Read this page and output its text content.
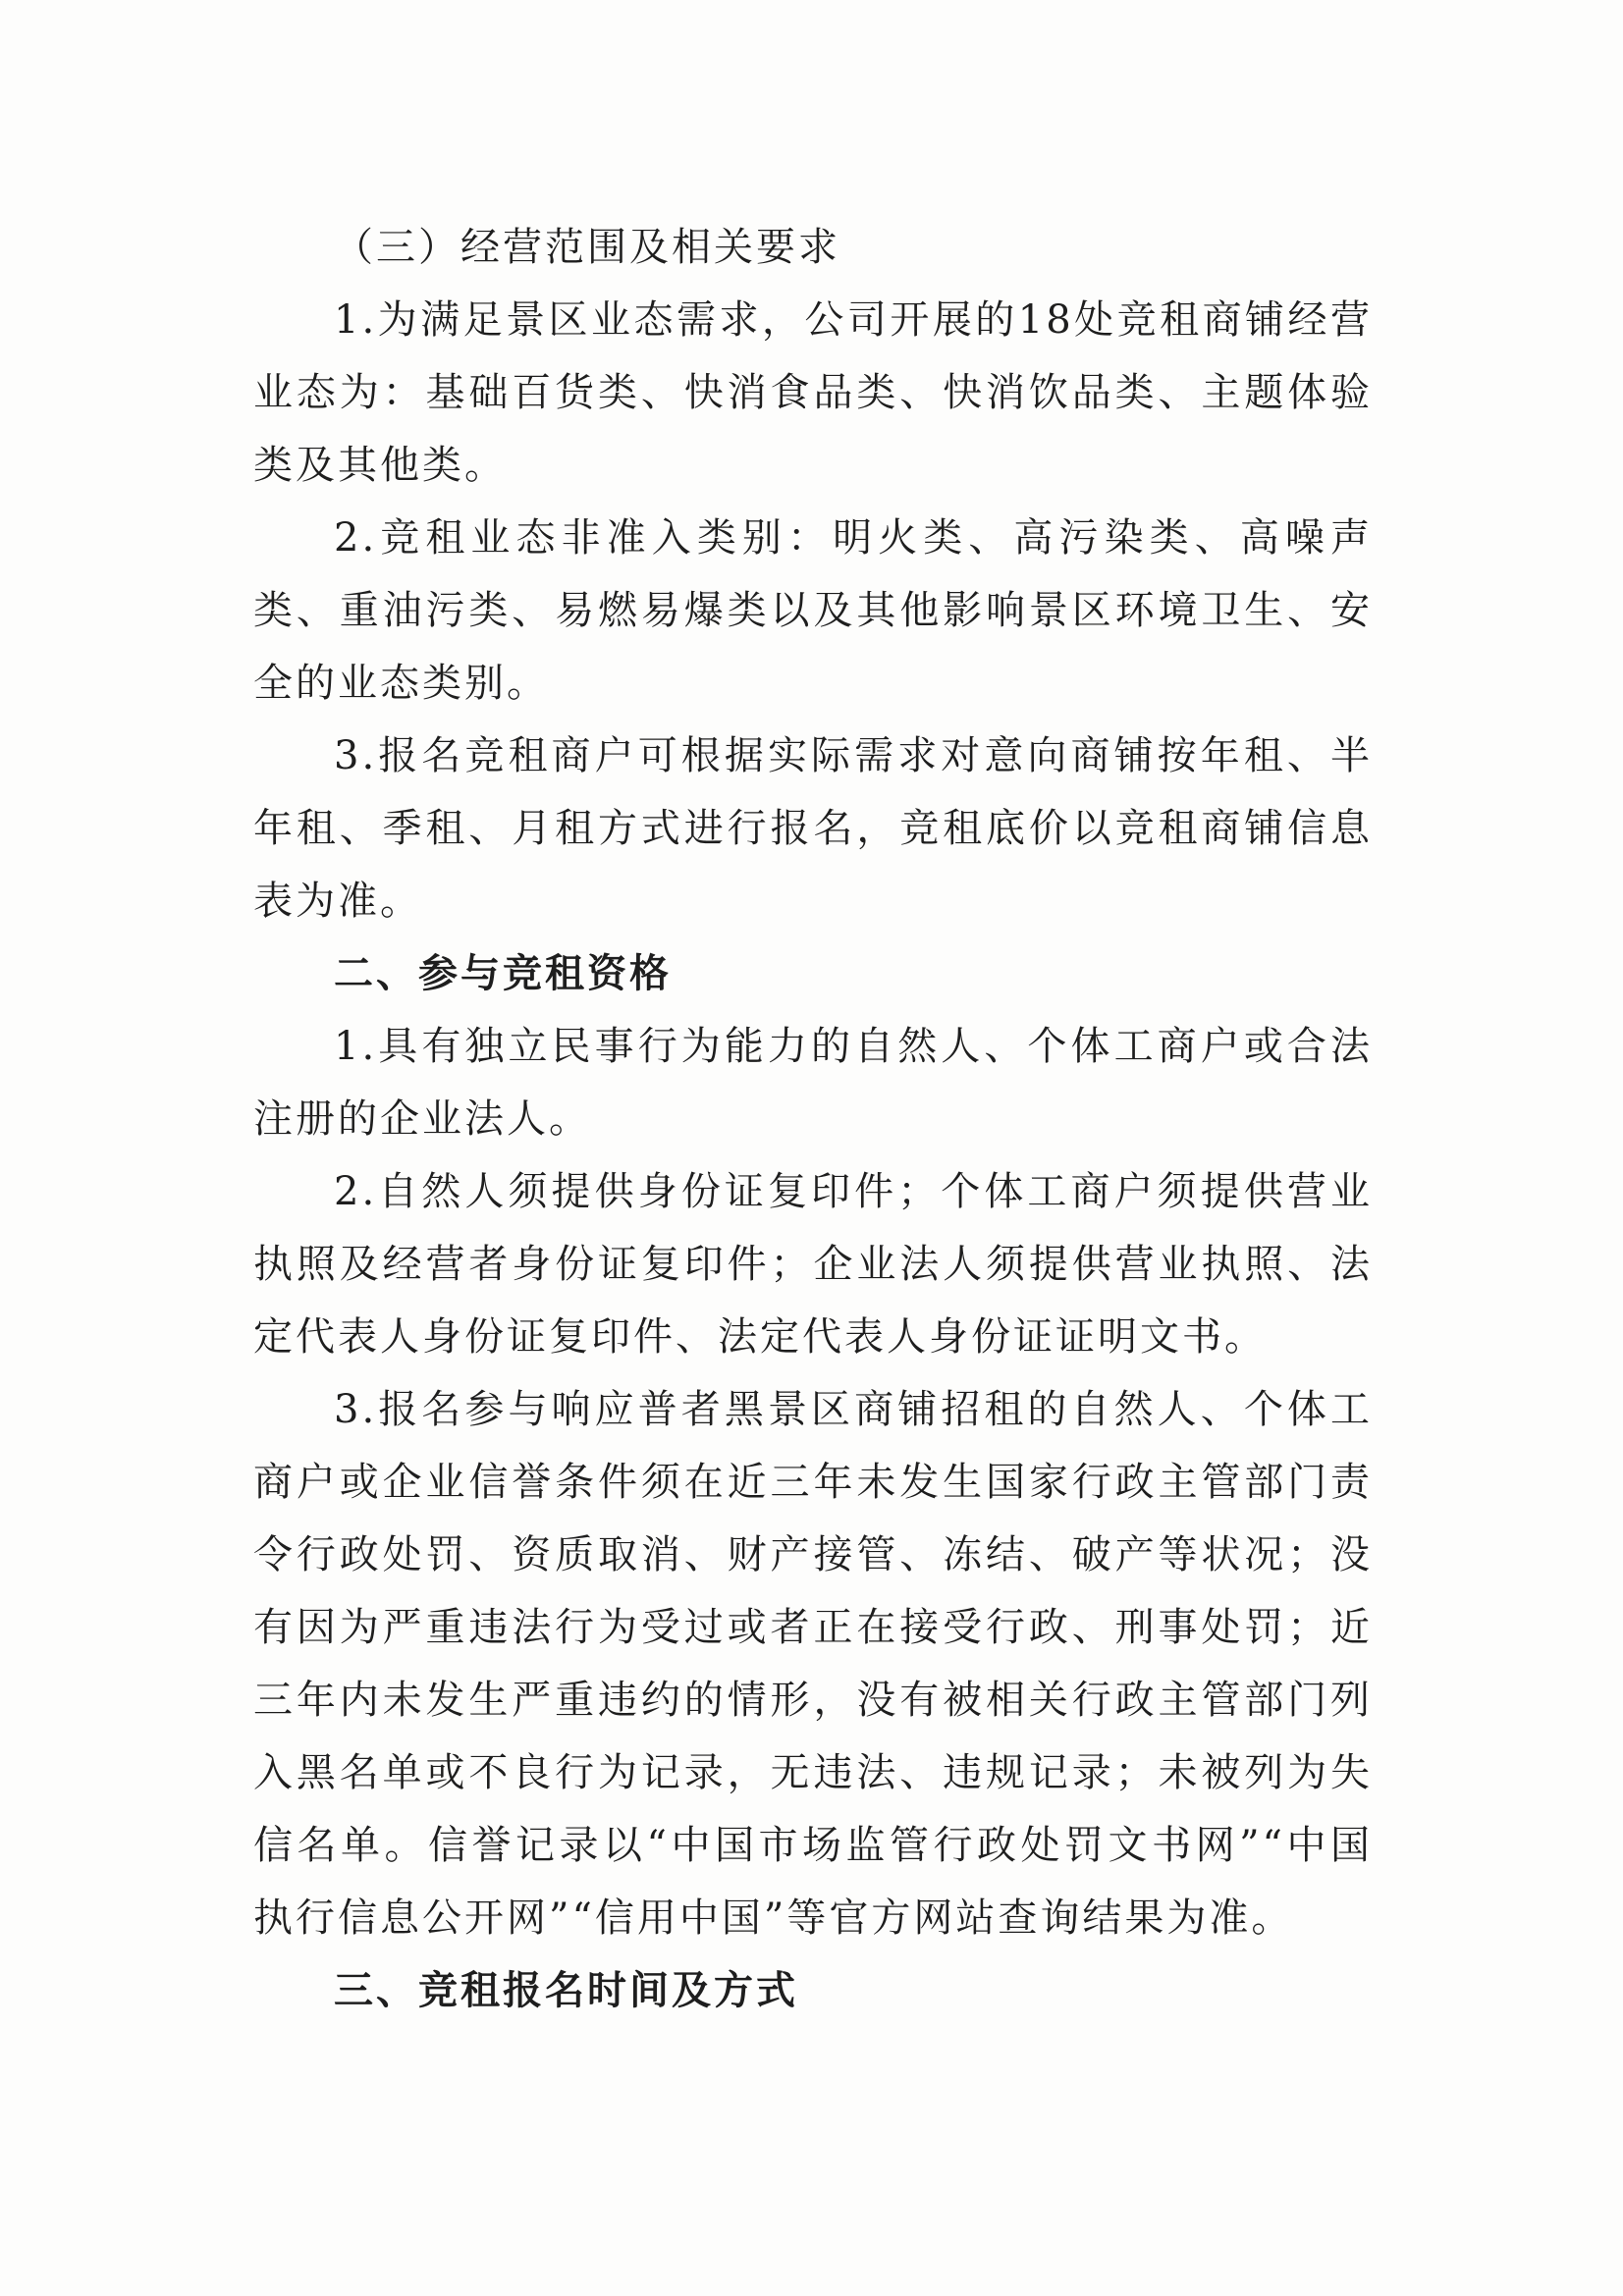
（三）经营范围及相关要求

1.为满足景区业态需求，公司开展的18处竞租商铺经营业态为：基础百货类、快消食品类、快消饮品类、主题体验类及其他类。

2.竞租业态非准入类别：明火类、高污染类、高噪声类、重油污类、易燃易爆类以及其他影响景区环境卫生、安全的业态类别。

3.报名竞租商户可根据实际需求对意向商铺按年租、半年租、季租、月租方式进行报名，竞租底价以竞租商铺信息表为准。

二、参与竞租资格

1.具有独立民事行为能力的自然人、个体工商户或合法注册的企业法人。

2.自然人须提供身份证复印件；个体工商户须提供营业执照及经营者身份证复印件；企业法人须提供营业执照、法定代表人身份证复印件、法定代表人身份证证明文书。

3.报名参与响应普者黑景区商铺招租的自然人、个体工商户或企业信誉条件须在近三年未发生国家行政主管部门责令行政处罚、资质取消、财产接管、冻结、破产等状况；没有因为严重违法行为受过或者正在接受行政、刑事处罚；近三年内未发生严重违约的情形，没有被相关行政主管部门列入黑名单或不良行为记录，无违法、违规记录；未被列为失信名单。信誉记录以“中国市场监管行政处罚文书网”“中国执行信息公开网”“信用中国”等官方网站查询结果为准。

三、竞租报名时间及方式
